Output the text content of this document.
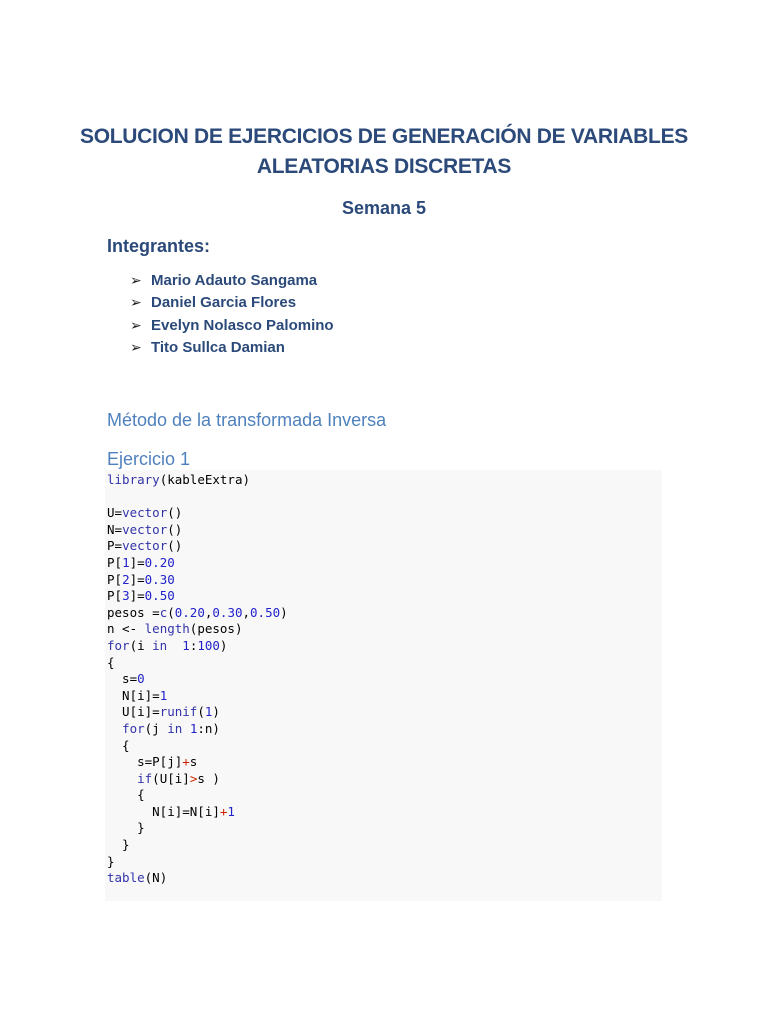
SOLUCION DE EJERCICIOS DE GENERACIÓN DE VARIABLES
ALEATORIAS DISCRETAS
Semana 5
Integrantes:
➢ Mario Adauto Sangama
➢ Daniel Garcia Flores
➢ Evelyn Nolasco Palomino
➢ Tito Sullca Damian
Método de la transformada Inversa
Ejercicio 1
library(kableExtra)
U=vector()
N=vector()
P=vector()
P[1]=0.20
P[2]=0.30
P[3]=0.50
pesos =c(0.20,0.30,0.50)
n <- length(pesos)
for(i in 1:100)
{
s=0
N[i]=1
U[i]=runif(1)
for(j in 1:n)
{
s=P[j]+s
if(U[i]>s )
{
N[i]=N[i]+1
}
}
}
table(N)
